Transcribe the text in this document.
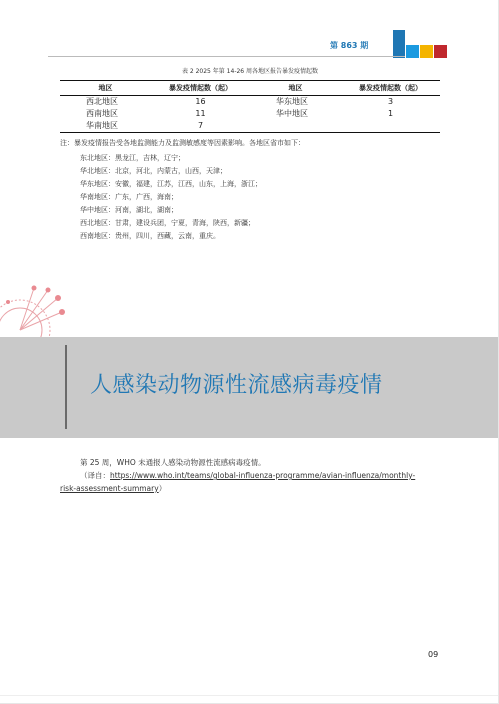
第 863 期
表 2 2025 年第 14-26 周各地区报告暴发疫情起数
地区	暴发疫情起数（起）	地区	暴发疫情起数（起）
西北地区	16	华东地区	3
西南地区	11	华中地区	1
华南地区	7		
注：暴发疫情报告受各地监测能力及监测敏感度等因素影响。各地区省市如下：
东北地区：黑龙江，吉林，辽宁；
华北地区：北京，河北，内蒙古，山西，天津；
华东地区：安徽，福建，江苏，江西，山东，上海，浙江；
华南地区：广东，广西，海南；
华中地区：河南，湖北，湖南；
西北地区：甘肃，建设兵团，宁夏，青海，陕西，新疆；
西南地区：贵州，四川，西藏，云南，重庆。
人感染动物源性流感病毒疫情

第 25 周，WHO 未通报人感染动物源性流感病毒疫情。

（译自：https://www.who.int/teams/global-influenza-programme/avian-influenza/monthly-

risk-assessment-summary）

09
